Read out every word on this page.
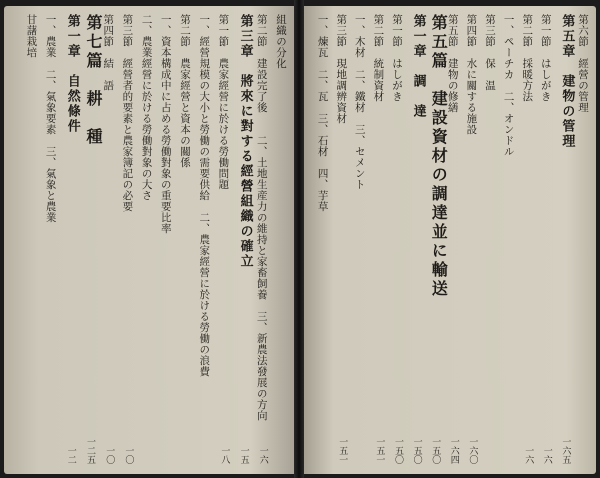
組織の分化
第二節　建設完了後　　二、土地生産力の維持と家畜飼養　三、新農法發展の方向
一六
第三章　將來に對する經營組織の確立
一五
第一節　農家經營に於ける勞働問題
一八
一、經營規模の大小と勞働の需要供給　二、農家經營に於ける勞働の浪費
第二節　農家經營と資本の關係
一、資本構成中に占める勞働對象の重要比率
二、農業經營に於ける勞働對象の大さ
第三節　經營者的要素と農家簿記の必要
一〇
第四節　結　語
一〇
第七篇　耕　種
一二五
第一章　自然條件
一二
一、農業　二、氣象要素　三、氣象と農業
甘藷栽培	第六節　經營の管理
第五章　建物の管理
一六五
第一節　はしがき
一六
第二節　採暖方法
一六
一、ペーチカ　二、オンドル
第三節　保　温
第四節　水に關する施設
一六〇
第五節　建物の修繕
一六四
第五篇　建設資材の調達並に輸送
一五〇
第一章　調　達
一五〇
第一節　はしがき
一五〇
第二節　統制資材
一五一
一、木材　二、鐵材　三、セメント
第三節　現地調辨資材
一五一
一、煉瓦　二、瓦　三、石材　四、芋草
